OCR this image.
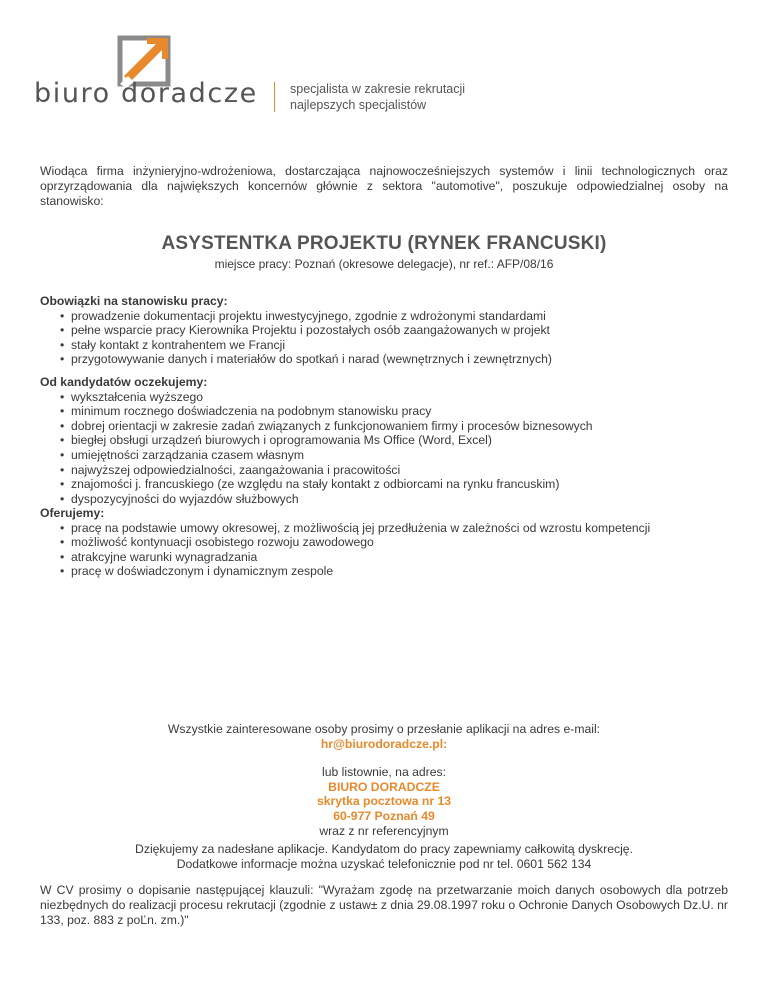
biuro doradcze	specjalista w zakresie rekrutacji
najlepszych specjalistów
Wiodąca firma inżynieryjno-wdrożeniowa, dostarczająca najnowocześniejszych systemów i linii technologicznych oraz oprzyrządowania dla największych koncernów głównie z sektora "automotive", poszukuje odpowiedzialnej osoby na stanowisko:
ASYSTENTKA PROJEKTU (RYNEK FRANCUSKI)
miejsce pracy: Poznań (okresowe delegacje), nr ref.: AFP/08/16
Obowiązki na stanowisku pracy:
• prowadzenie dokumentacji projektu inwestycyjnego, zgodnie z wdrożonymi standardami
• pełne wsparcie pracy Kierownika Projektu i pozostałych osób zaangażowanych w projekt
• stały kontakt z kontrahentem we Francji
• przygotowywanie danych i materiałów do spotkań i narad (wewnętrznych i zewnętrznych)
Od kandydatów oczekujemy:
• wykształcenia wyższego
• minimum rocznego doświadczenia na podobnym stanowisku pracy
• dobrej orientacji w zakresie zadań związanych z funkcjonowaniem firmy i procesów biznesowych
• biegłej obsługi urządzeń biurowych i oprogramowania Ms Office (Word, Excel)
• umiejętności zarządzania czasem własnym
• najwyższej odpowiedzialności, zaangażowania i pracowitości
• znajomości j. francuskiego (ze względu na stały kontakt z odbiorcami na rynku francuskim)
• dyspozycyjności do wyjazdów służbowych
Oferujemy:
• pracę na podstawie umowy okresowej, z możliwością jej przedłużenia w zależności od wzrostu kompetencji
• możliwość kontynuacji osobistego rozwoju zawodowego
• atrakcyjne warunki wynagradzania
• pracę w doświadczonym i dynamicznym zespole
Wszystkie zainteresowane osoby prosimy o przesłanie aplikacji na adres e-mail:
hr@biurodoradcze.pl:
lub listownie, na adres:
BIURO DORADCZE
skrytka pocztowa nr 13
60-977 Poznań 49
wraz z nr referencyjnym
Dziękujemy za nadesłane aplikacje. Kandydatom do pracy zapewniamy całkowitą dyskrecję.
Dodatkowe informacje można uzyskać telefonicznie pod nr tel. 0601 562 134
W CV prosimy o dopisanie następującej klauzuli: "Wyrażam zgodę na przetwarzanie moich danych osobowych dla potrzeb niezbędnych do realizacji procesu rekrutacji (zgodnie z ustaw± z dnia 29.08.1997 roku o Ochronie Danych Osobowych Dz.U. nr 133, poz. 883 z poĽn. zm.)"
